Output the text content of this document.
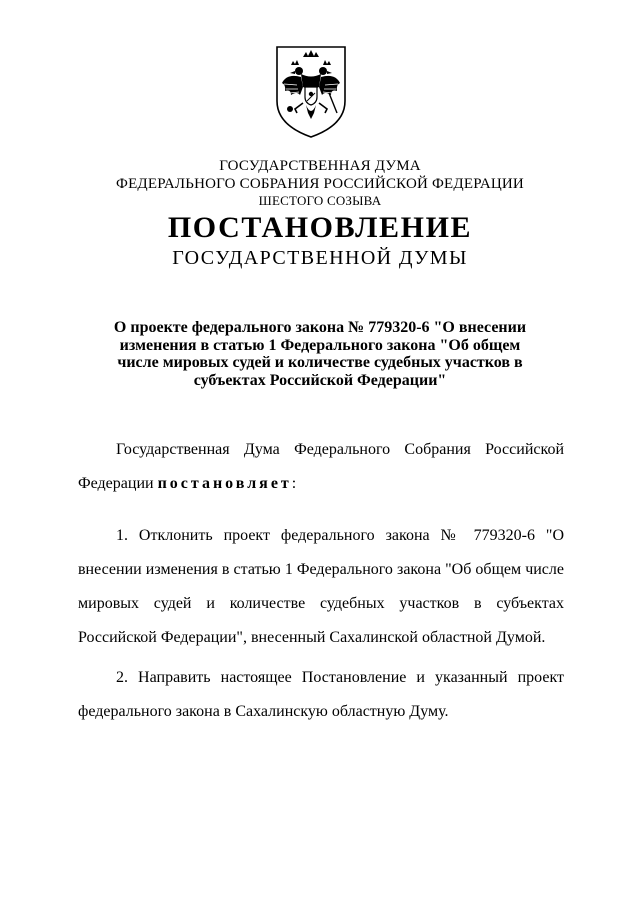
ГОСУДАРСТВЕННАЯ ДУМА
ФЕДЕРАЛЬНОГО СОБРАНИЯ РОССИЙСКОЙ ФЕДЕРАЦИИ
ШЕСТОГО СОЗЫВА
ПОСТАНОВЛЕНИЕ
ГОСУДАРСТВЕННОЙ ДУМЫ
О проекте федерального закона № 779320-6 "О внесении изменения в статью 1 Федерального закона "Об общем числе мировых судей и количестве судебных участков в субъектах Российской Федерации"
Государственная Дума Федерального Собрания Российской Федерации постановляет:
1. Отклонить проект федерального закона № 779320-6 "О внесении изменения в статью 1 Федерального закона "Об общем числе мировых судей и количестве судебных участков в субъектах Российской Федерации", внесенный Сахалинской областной Думой.
2. Направить настоящее Постановление и указанный проект федерального закона в Сахалинскую областную Думу.
